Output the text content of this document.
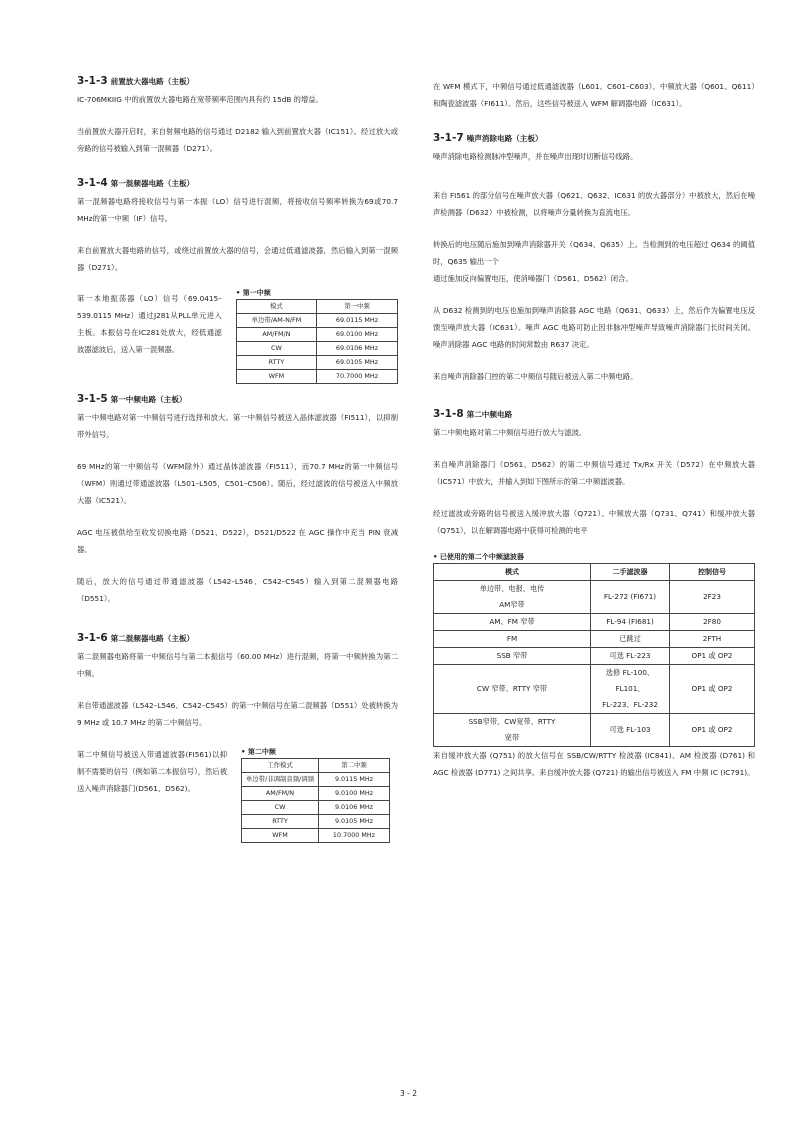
3-1-3 前置放大器电路（主板）

IC-706MKIIG 中的前置放大器电路在宽带频率范围内具有约 15dB 的增益。

当前置放大器开启时，来自射频电路的信号通过 D2182 输入到前置放大器（IC151）。经过放大或旁路的信号被输入到第一混频器（D271）。

3-1-4 第一混频器电路（主板）

第一混频器电路将接收信号与第一本振（LO）信号进行混频，将接收信号频率转换为69或70.7 MHz的第一中频（IF）信号。

来自前置放大器电路的信号，或绕过前置放大器的信号，会通过低通滤波器，然后输入到第一混频器（D271）。

第一本地振荡器（LO）信号（69.0415–539.0115 MHz）通过J281从PLL单元进入主板。本振信号在IC281处放大，经低通滤波器滤波后，送入第一混频器。

• 第一中频
模式	第一中频
单边带/AM-N/FM	69.0115 MHz
AM/FM/N	69.0100 MHz
CW	69.0106 MHz
RTTY	69.0105 MHz
WFM	70.7000 MHz
3-1-5 第一中频电路（主板）

第一中频电路对第一中频信号进行选择和放大。第一中频信号被送入晶体滤波器（FI511），以抑制带外信号。

69 MHz的第一中频信号（WFM除外）通过晶体滤波器（FI511），而70.7 MHz的第一中频信号（WFM）则通过带通滤波器（L501–L505，C501–C506）。随后，经过滤波的信号被送入中频放大器（IC521）。

AGC 电压被供给至收发切换电路（D521、D522），D521/D522 在 AGC 操作中充当 PIN 衰减器。

随后，放大的信号通过带通滤波器（L542–L546、C542–C545）输入到第二混频器电路（D551）。

3-1-6 第二混频器电路（主板）

第二混频器电路将第一中频信号与第二本振信号（60.00 MHz）进行混频，将第一中频转换为第二中频。

来自带通滤波器（L542–L546、C542–C545）的第一中频信号在第二混频器（D551）处被转换为 9 MHz 或 10.7 MHz 的第二中频信号。

第二中频信号被送入带通滤波器(FI561)以抑制不需要的信号（例如第二本振信号），然后被送入噪声消除器门(D561、D562)。

• 第二中频
工作模式	第二中频
单边带/非调制音频/调频	9.0115 MHz
AM/FM/N	9.0100 MHz
CW	9.0106 MHz
RTTY	9.0105 MHz
WFM	10.7000 MHz

在 WFM 模式下，中频信号通过低通滤波器（L601、C601–C603）、中频放大器（Q601、Q611）和陶瓷滤波器（FI611）。然后，这些信号被送入 WFM 解调器电路（IC631）。

3-1-7 噪声消除电路（主板）

噪声消除电路检测脉冲型噪声，并在噪声出现时切断信号线路。

来自 FI561 的部分信号在噪声放大器（Q621、Q632、IC631 的放大器部分）中被放大，然后在噪声检测器（D632）中被检测，以将噪声分量转换为直流电压。

转换后的电压随后施加到噪声消除器开关（Q634、Q635）上。当检测到的电压超过 Q634 的阈值时，Q635 输出一个

通过施加反向偏置电压，使消噪器门（D561、D562）闭合。

从 D632 检测到的电压也施加到噪声消除器 AGC 电路（Q631、Q633）上，然后作为偏置电压反馈至噪声放大器（IC631）。噪声 AGC 电路可防止因非脉冲型噪声导致噪声消除器门长时间关闭。噪声消除器 AGC 电路的时间常数由 R637 决定。

来自噪声消除器门控的第二中频信号随后被送入第二中频电路。

3-1-8 第二中频电路

第二中频电路对第二中频信号进行放大与滤波。

来自噪声消除器门（D561、D562）的第二中频信号通过 Tx/Rx 开关（D572）在中频放大器（IC571）中放大，并输入到如下图所示的第二中频滤波器。

经过滤波或旁路的信号被送入缓冲放大器（Q721）、中频放大器（Q731、Q741）和缓冲放大器（Q751），以在解调器电路中获得可检测的电平

• 已使用的第二个中频滤波器
模式	二手滤波器	控制信号
单边带、电报、电传
AM窄带	FL-272 (FI671)	2F23
AM、FM 窄带	FL-94 (FI681)	2F80
FM	已跳过	2FTH
SSB 窄带	可选 FL-223	OP1 或 OP2
CW 窄带、RTTY 窄带	选修 FL-100、FL101、
FL-223、FL-232	OP1 或 OP2
SSB窄带、CW宽带、RTTY
宽带	可选 FL-103	OP1 或 OP2

来自缓冲放大器 (Q751) 的放大信号在 SSB/CW/RTTY 检波器 (IC841)、AM 检波器 (D761) 和 AGC 检波器 (D771) 之间共享。来自缓冲放大器 (Q721) 的输出信号被送入 FM 中频 IC (IC791)。

3 - 2
